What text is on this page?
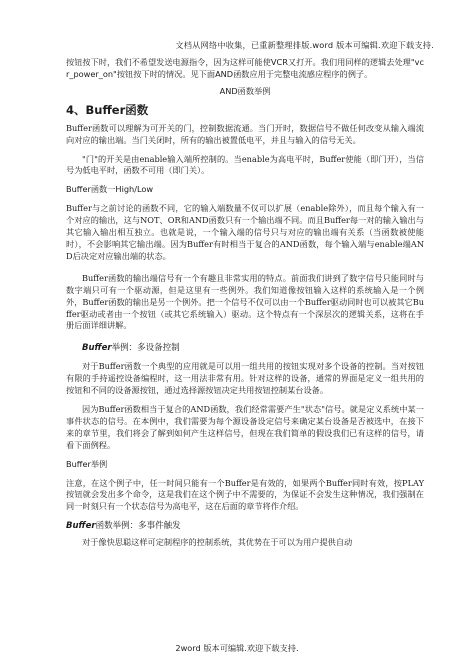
文档从网络中收集，已重新整理排版.word 版本可编辑.欢迎下载支持.

按钮按下时，我们不希望发送电源指令，因为这样可能使VCR又打开。我们用同样的逻辑去处理"vcr_power_on"按钮按下时的情况。见下面AND函数应用于完整电流感应程序的例子。

AND函数举例

4、Buffer函数

Buffer函数可以理解为可开关的门，控制数据流通。当门开时，数据信号不做任何改变从输入端流向对应的输出端。当门关闭时，所有的输出被置低电平，并且与输入的信号无关。

"门"的开关是由enable输入端所控制的。当enable为高电平时，Buffer使能（即门开），当信号为低电平时，函数不可用（即门关）。

Buffer函数一High/Low

Buffer与之前讨论的函数不同，它的输入端数量不仅可以扩展（enable除外），而且每个输入有一个对应的输出，这与NOT、OR和AND函数只有一个输出端不同。而且Buffer每一对的输入输出与其它输入输出相互独立。也就是说，一个输入端的信号只与对应的输出端有关系（当函数被使能时），不会影响其它输出端。因为Buffer有时相当于复合的AND函数，每个输入端与enable端AND后决定对应输出端的状态。

Buffer函数的输出端信号有一个有趣且非常实用的特点。前面我们讲到了数字信号只能同时与数字端只可有一个驱动源，但是这里有一些例外。我们知道像按钮输入这样的系统输入是一个例外，Buffer函数的输出是另一个例外。把一个信号不仅可以由一个Buffer驱动同时也可以被其它Buffer驱动或者由一个按钮（或其它系统输入）驱动。这个特点有一个深层次的逻辑关系，这将在手册后面详细讲解。

Buffer举例：多设备控制

对于Buffer函数一个典型的应用就是可以用一组共用的按钮实现对多个设备的控制。当对按钮有限的手持遥控设备编程时，这一用法非常有用。针对这样的设备，通常的界面是定义一组共用的按钮和不同的设备源按钮，通过选择源按钮决定共用按钮控制某台设备。

因为Buffer函数相当于复合的AND函数，我们经常需要产生"状态"信号。就是定义系统中某一事件状态的信号。在本例中，我们需要为每个源设备设定信号来确定某台设备是否被选中，在接下来的章节里，我们将会了解到如何产生这样信号，但现在我们简单的假设我们已有这样的信号，请看下面例程。

Buffer举例

注意，在这个例子中，任一时间只能有一个Buffer是有效的，如果两个Buffer同时有效，按PLAY按钮就会发出多个命令，这是我们在这个例子中不需要的，为保证不会发生这种情况，我们强制在同一时刻只有一个状态信号为高电平，这在后面的章节将作介绍。

Buffer函数举例：多事件触发

对于像快思聪这样可定制程序的控制系统，其优势在于可以为用户提供自动

2word 版本可编辑.欢迎下载支持.
